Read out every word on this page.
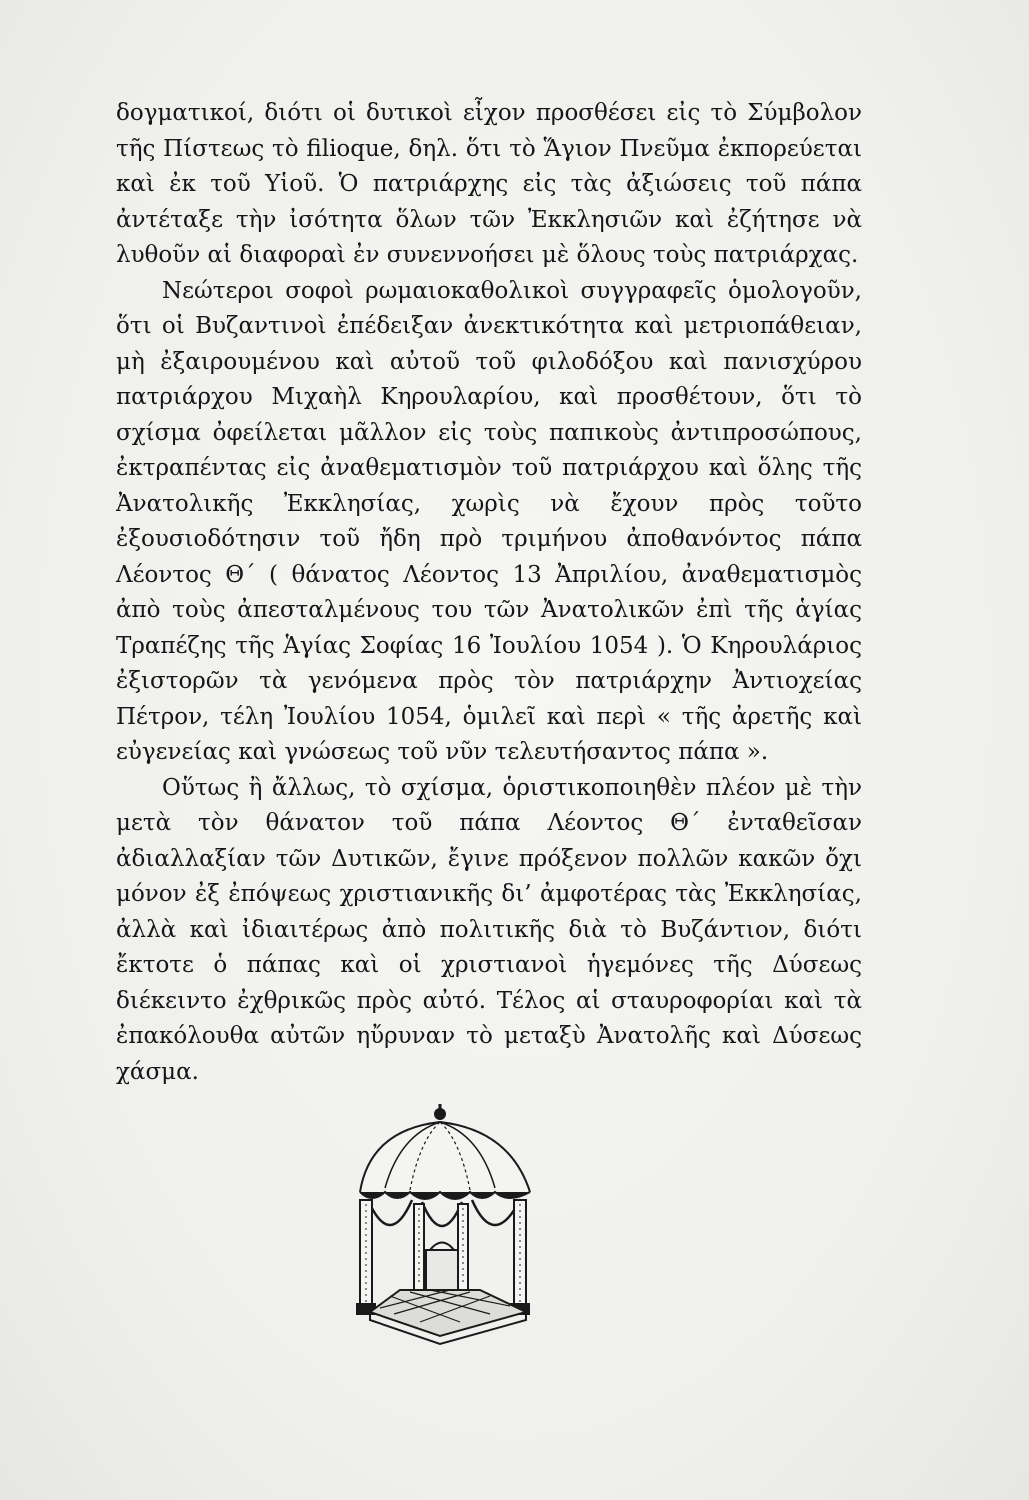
δογματικοί, διότι οἱ δυτικοὶ εἶχον προσθέσει εἰς τὸ Σύμβολον τῆς Πίστεως τὸ filioque, δηλ. ὅτι τὸ Ἅγιον Πνεῦμα ἐκπορεύεται καὶ ἐκ τοῦ Υἱοῦ. Ὁ πατριάρχης εἰς τὰς ἀξιώσεις τοῦ πάπα ἀντέταξε τὴν ἰσότητα ὅλων τῶν Ἐκκλησιῶν καὶ ἐζήτησε νὰ λυθοῦν αἱ διαφοραὶ ἐν συνεννοήσει μὲ ὅλους τοὺς πατριάρχας.

Νεώτεροι σοφοὶ ρωμαιοκαθολικοὶ συγγραφεῖς ὁμολογοῦν, ὅτι οἱ Βυζαντινοὶ ἐπέδειξαν ἀνεκτικότητα καὶ μετριοπάθειαν, μὴ ἐξαιρουμένου καὶ αὐτοῦ τοῦ φιλοδόξου καὶ πανισχύρου πατριάρχου Μιχαὴλ Κηρουλαρίου, καὶ προσθέτουν, ὅτι τὸ σχίσμα ὀφείλεται μᾶλλον εἰς τοὺς παπικοὺς ἀντιπροσώπους, ἐκτραπέντας εἰς ἀναθεματισμὸν τοῦ πατριάρχου καὶ ὅλης τῆς Ἀνατολικῆς Ἐκκλησίας, χωρὶς νὰ ἔχουν πρὸς τοῦτο ἐξουσιοδότησιν τοῦ ἤδη πρὸ τριμήνου ἀποθανόντος πάπα Λέοντος Θ΄ ( θάνατος Λέοντος 13 Ἀπριλίου, ἀναθεματισμὸς ἀπὸ τοὺς ἀπεσταλμένους του τῶν Ἀνατολικῶν ἐπὶ τῆς ἁγίας Τραπέζης τῆς Ἁγίας Σοφίας 16 Ἰουλίου 1054 ). Ὁ Κηρουλάριος ἐξιστορῶν τὰ γενόμενα πρὸς τὸν πατριάρχην Ἀντιοχείας Πέτρον, τέλη Ἰουλίου 1054, ὁμιλεῖ καὶ περὶ « τῆς ἀρετῆς καὶ εὐγενείας καὶ γνώσεως τοῦ νῦν τελευτήσαντος πάπα ».

Οὕτως ἢ ἄλλως, τὸ σχίσμα, ὁριστικοποιηθὲν πλέον μὲ τὴν μετὰ τὸν θάνατον τοῦ πάπα Λέοντος Θ΄ ἐνταθεῖσαν ἀδιαλλαξίαν τῶν Δυτικῶν, ἔγινε πρόξενον πολλῶν κακῶν ὄχι μόνον ἐξ ἐπόψεως χριστιανικῆς δι’ ἀμφοτέρας τὰς Ἐκκλησίας, ἀλλὰ καὶ ἰδιαιτέρως ἀπὸ πολιτικῆς διὰ τὸ Βυζάντιον, διότι ἔκτοτε ὁ πάπας καὶ οἱ χριστιανοὶ ἡγεμόνες τῆς Δύσεως διέκειντο ἐχθρικῶς πρὸς αὐτό. Τέλος αἱ σταυροφορίαι καὶ τὰ ἐπακόλουθα αὐτῶν ηὔρυναν τὸ μεταξὺ Ἀνατολῆς καὶ Δύσεως χάσμα.
